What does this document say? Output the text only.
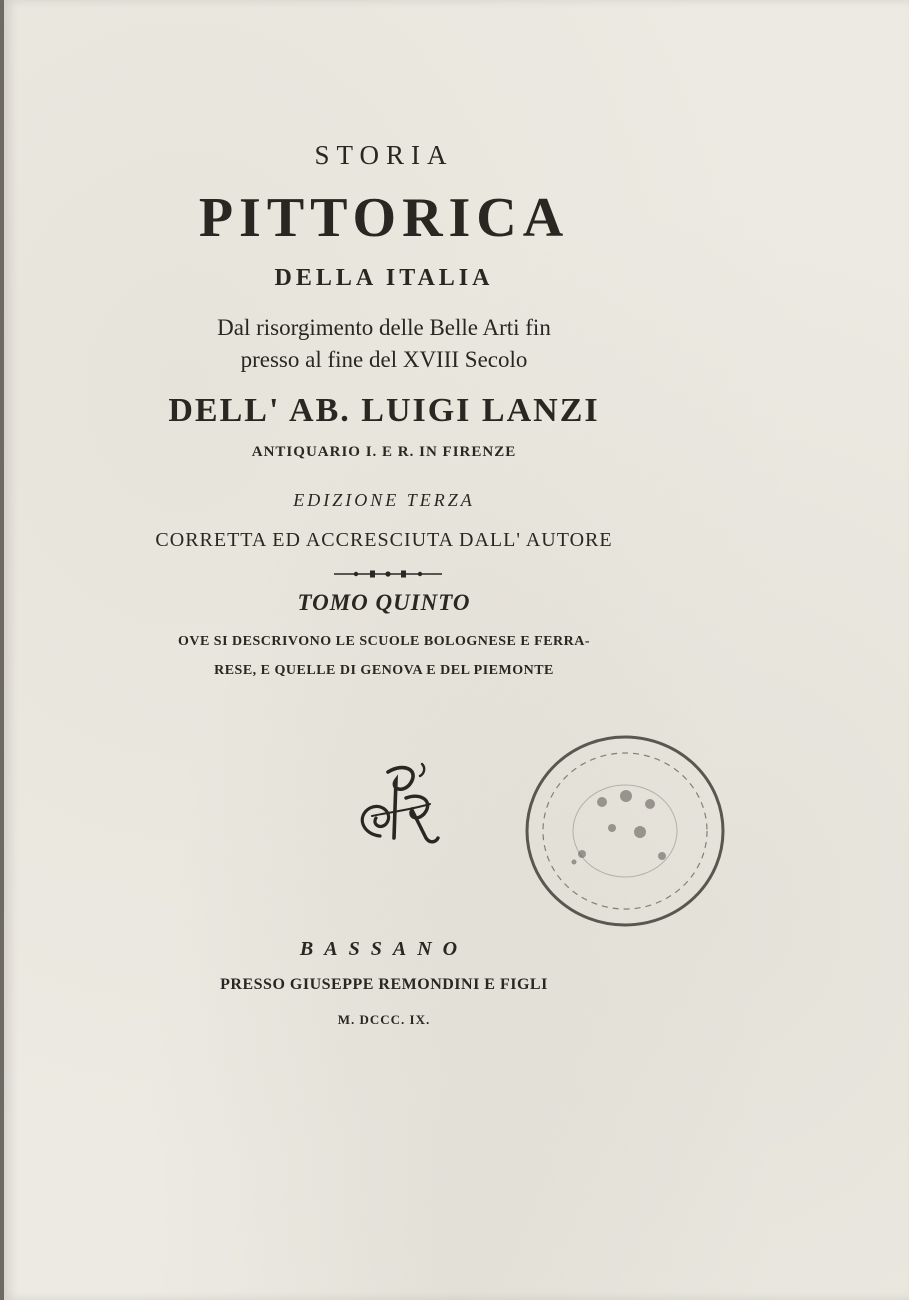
STORIA
PITTORICA
DELLA ITALIA
Dal risorgimento delle Belle Arti fin
presso al fine del XVIII Secolo
DELL' AB. LUIGI LANZI
ANTIQUARIO I. E R. IN FIRENZE
EDIZIONE TERZA
CORRETTA ED ACCRESCIUTA DALL' AUTORE
TOMO QUINTO
OVE SI DESCRIVONO LE SCUOLE BOLOGNESE E FERRA-
RESE, E QUELLE DI GENOVA E DEL PIEMONTE
BASSANO
PRESSO GIUSEPPE REMONDINI E FIGLI
M. DCCC. IX.
